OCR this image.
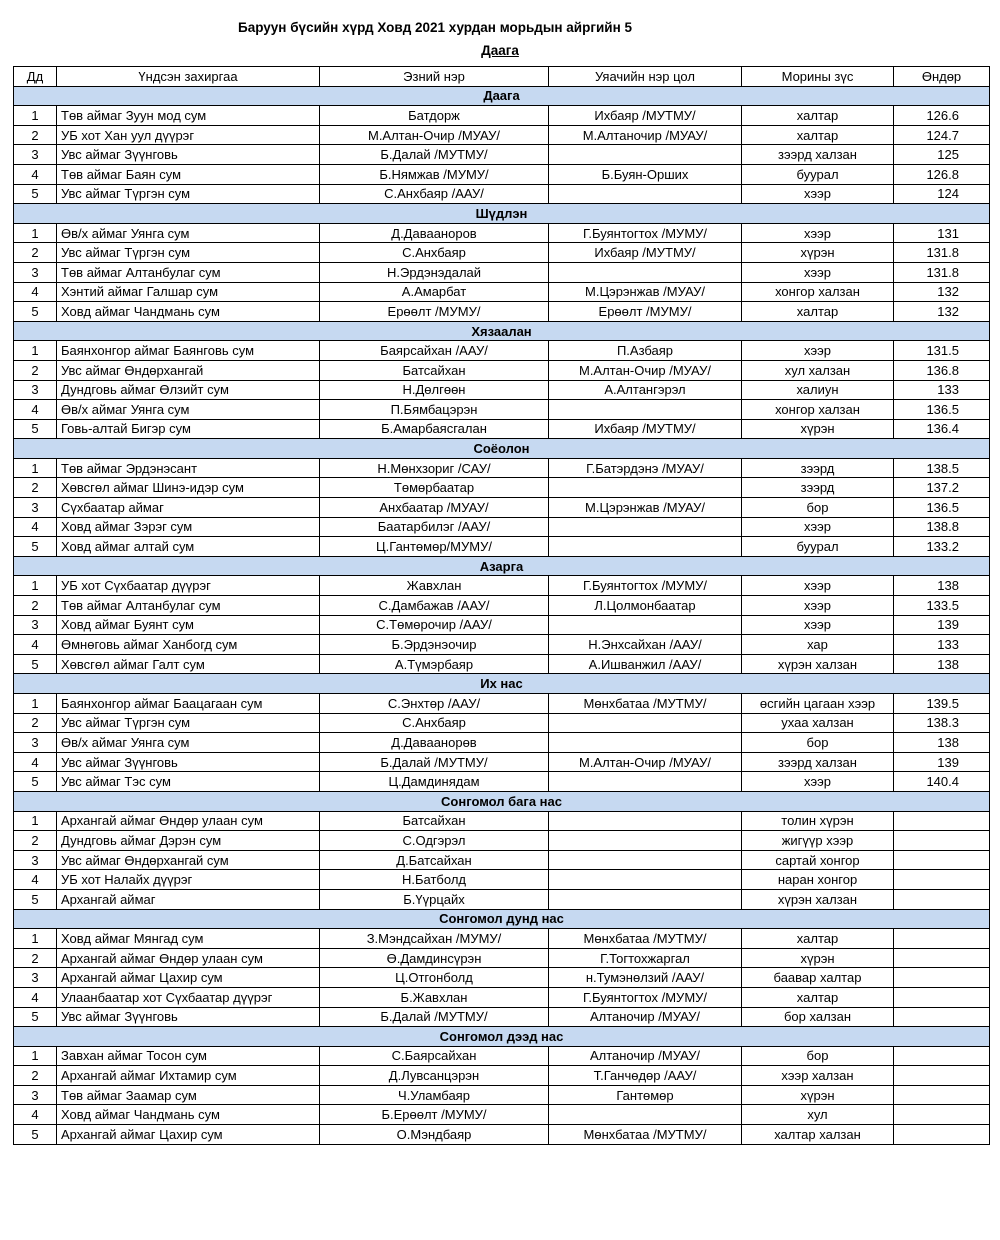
Баруун бүсийн хүрд Ховд 2021 хурдан морьдын айргийн 5
Даага
Дд	Үндсэн захиргаа	Эзний нэр	Уяачийн нэр цол	Морины зүс	Өндөр
Даага					
1	Төв аймаг Зуун мод сум	Батдорж	Ихбаяр /МУТМУ/	халтар	126.6
2	УБ хот Хан уул дүүрэг	М.Алтан-Очир /МУАУ/	М.Алтаночир /МУАУ/	халтар	124.7
3	Увс аймаг Зүүнговь	Б.Далай /МУТМУ/		зээрд халзан	125
4	Төв аймаг Баян сум	Б.Нямжав /МУМУ/	Б.Буян-Орших	буурал	126.8
5	Увс аймаг Түргэн сум	С.Анхбаяр /ААУ/		хээр	124
Шүдлэн					
1	Өв/х аймаг Уянга сум	Д.Давааноров	Г.Буянтогтох /МУМУ/	хээр	131
2	Увс аймаг Түргэн сум	С.Анхбаяр	Ихбаяр /МУТМУ/	хүрэн	131.8
3	Төв аймаг Алтанбулаг сум	Н.Эрдэнэдалай		хээр	131.8
4	Хэнтий аймаг Галшар сум	А.Амарбат	М.Цэрэнжав /МУАУ/	хонгор халзан	132
5	Ховд аймаг Чандмань сум	Ерөөлт /МУМУ/	Ерөөлт /МУМУ/	халтар	132
Хязаалан					
1	Баянхонгор аймаг Баянговь сум	Баярсайхан /ААУ/	П.Азбаяр	хээр	131.5
2	Увс аймаг Өндөрхангай	Батсайхан	М.Алтан-Очир /МУАУ/	хул халзан	136.8
3	Дундговь аймаг Өлзийт сум	Н.Дөлгөөн	А.Алтангэрэл	халиун	133
4	Өв/х аймаг Уянга сум	П.Бямбацэрэн		хонгор халзан	136.5
5	Говь-алтай Бигэр сум	Б.Амарбаясгалан	Ихбаяр /МУТМУ/	хүрэн	136.4
Соёолон					
1	Төв аймаг Эрдэнэсант	Н.Мөнхзориг /САУ/	Г.Батэрдэнэ /МУАУ/	зээрд	138.5
2	Хөвсгөл аймаг Шинэ-идэр сум	Төмөрбаатар		зээрд	137.2
3	Сүхбаатар аймаг	Анхбаатар /МУАУ/	М.Цэрэнжав /МУАУ/	бор	136.5
4	Ховд аймаг Зэрэг сум	Баатарбилэг /ААУ/		хээр	138.8
5	Ховд аймаг алтай сум	Ц.Гантөмөр/МУМУ/		буурал	133.2
Азарга					
1	УБ хот Сүхбаатар дүүрэг	Жавхлан	Г.Буянтогтох /МУМУ/	хээр	138
2	Төв аймаг Алтанбулаг сум	С.Дамбажав /ААУ/	Л.Цолмонбаатар	хээр	133.5
3	Ховд аймаг Буянт сум	С.Төмөрочир /ААУ/		хээр	139
4	Өмнөговь аймаг Ханбогд сум	Б.Эрдэнэочир	Н.Энхсайхан /ААУ/	хар	133
5	Хөвсгөл аймаг Галт сум	А.Түмэрбаяр	А.Ишванжил /ААУ/	хүрэн халзан	138
Их нас					
1	Баянхонгор аймаг Баацагаан сум	С.Энхтөр /ААУ/	Мөнхбатаа /МУТМУ/	өсгийн цагаан хээр	139.5
2	Увс аймаг Түргэн сум	С.Анхбаяр		ухаа халзан	138.3
3	Өв/х аймаг Уянга сум	Д.Даваанорөв		бор	138
4	Увс аймаг Зүүнговь	Б.Далай /МУТМУ/	М.Алтан-Очир /МУАУ/	зээрд халзан	139
5	Увс аймаг Тэс сум	Ц.Дамдинядам		хээр	140.4
Сонгомол бага нас					
1	Архангай аймаг Өндөр улаан сум	Батсайхан		толин хүрэн	
2	Дундговь аймаг Дэрэн сум	С.Одгэрэл		жигүүр хээр	
3	Увс аймаг Өндөрхангай сум	Д.Батсайхан		сартай хонгор	
4	УБ хот Налайх дүүрэг	Н.Батболд		наран хонгор	
5	Архангай аймаг	Б.Үүрцайх		хүрэн халзан	
Сонгомол дунд нас					
1	Ховд аймаг Мянгад сум	З.Мэндсайхан /МУМУ/	Мөнхбатаа /МУТМУ/	халтар	
2	Архангай аймаг Өндөр улаан сум	Ө.Дамдинсүрэн	Г.Тогтохжаргал	хүрэн	
3	Архангай аймаг Цахир сум	Ц.Отгонболд	н.Тумэнөлзий /ААУ/	баавар халтар	
4	Улаанбаатар хот Сүхбаатар дүүрэг	Б.Жавхлан	Г.Буянтогтох /МУМУ/	халтар	
5	Увс аймаг Зүүнговь	Б.Далай /МУТМУ/	Алтаночир /МУАУ/	бор халзан	
Сонгомол дээд нас					
1	Завхан аймаг Тосон сум	С.Баярсайхан	Алтаночир /МУАУ/	бор	
2	Архангай аймаг Ихтамир сум	Д.Лувсанцэрэн	Т.Ганчөдөр /ААУ/	хээр халзан	
3	Төв аймаг Заамар сум	Ч.Уламбаяр	Гантөмөр	хүрэн	
4	Ховд аймаг Чандмань сум	Б.Ерөөлт /МУМУ/		хул	
5	Архангай аймаг Цахир сум	О.Мэндбаяр	Мөнхбатаа /МУТМУ/	халтар халзан	
